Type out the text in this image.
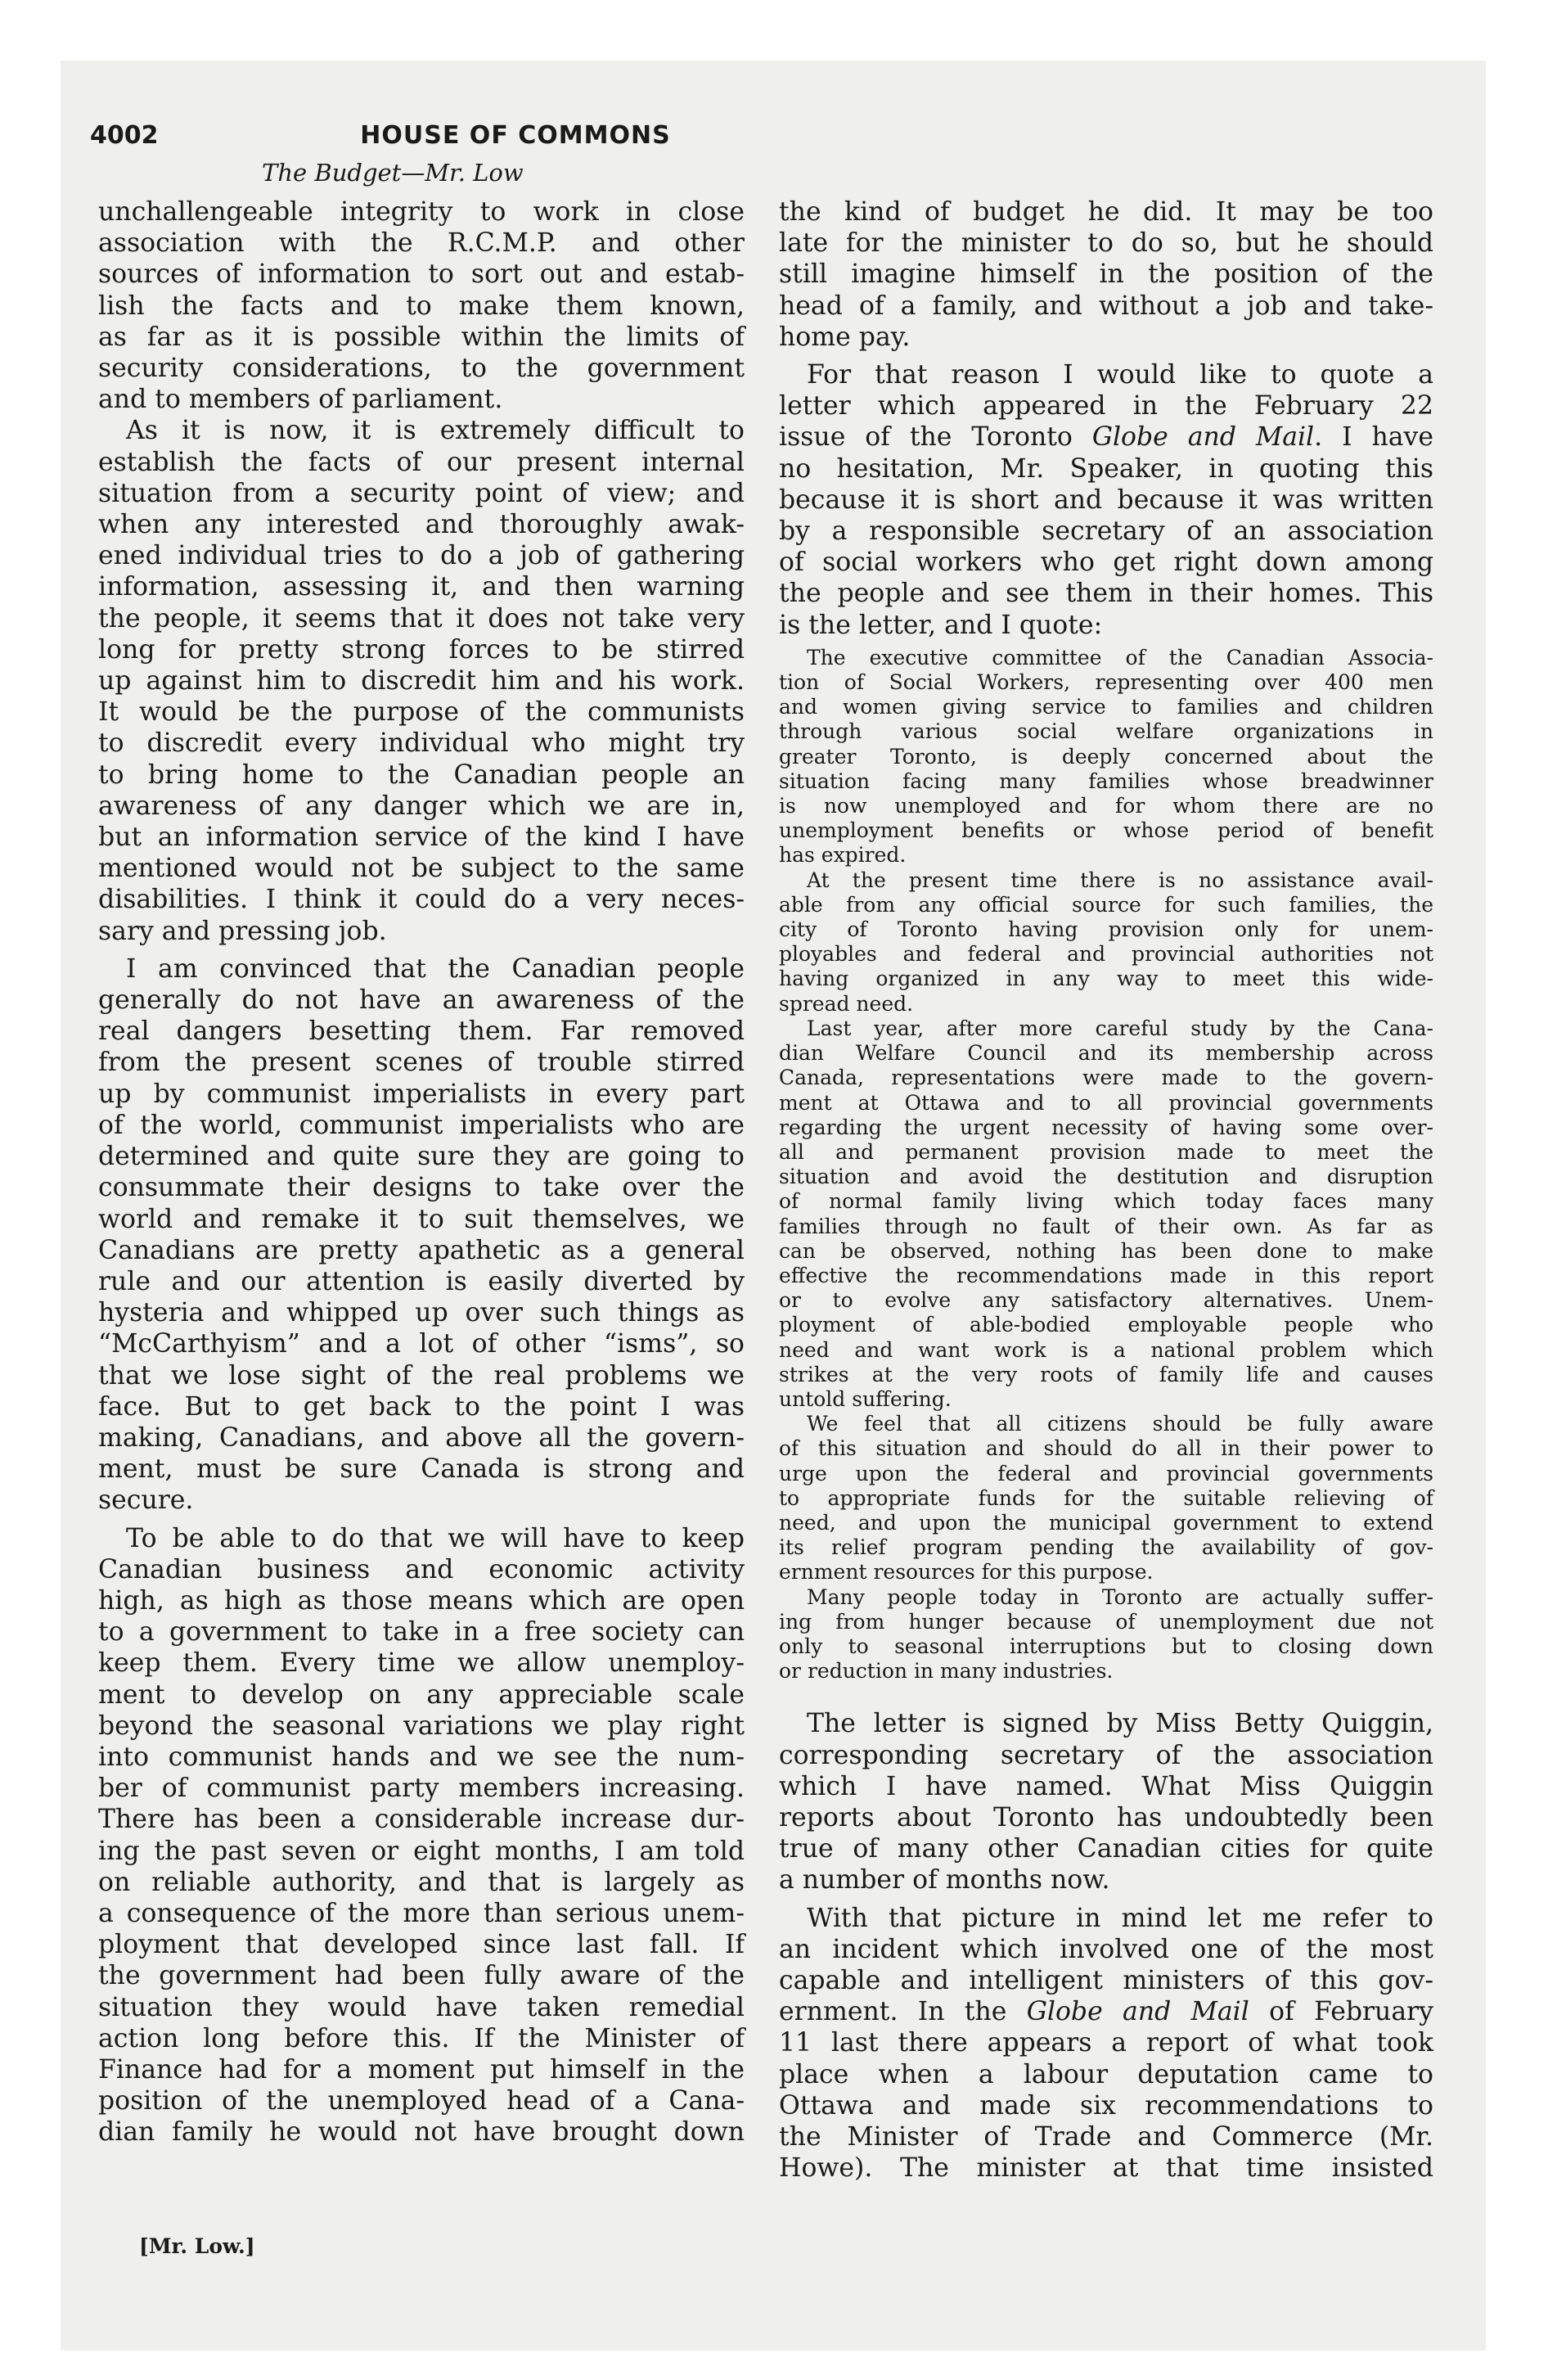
4002	HOUSE OF COMMONS
The Budget—Mr. Low
unchallengeable integrity to work in close
association with the R.C.M.P. and other
sources of information to sort out and estab-
lish the facts and to make them known,
as far as it is possible within the limits of
security considerations, to the government
and to members of parliament.
As it is now, it is extremely difficult to
establish the facts of our present internal
situation from a security point of view; and
when any interested and thoroughly awak-
ened individual tries to do a job of gathering
information, assessing it, and then warning
the people, it seems that it does not take very
long for pretty strong forces to be stirred
up against him to discredit him and his work.
It would be the purpose of the communists
to discredit every individual who might try
to bring home to the Canadian people an
awareness of any danger which we are in,
but an information service of the kind I have
mentioned would not be subject to the same
disabilities. I think it could do a very neces-
sary and pressing job.
I am convinced that the Canadian people
generally do not have an awareness of the
real dangers besetting them. Far removed
from the present scenes of trouble stirred
up by communist imperialists in every part
of the world, communist imperialists who are
determined and quite sure they are going to
consummate their designs to take over the
world and remake it to suit themselves, we
Canadians are pretty apathetic as a general
rule and our attention is easily diverted by
hysteria and whipped up over such things as
“McCarthyism” and a lot of other “isms”, so
that we lose sight of the real problems we
face. But to get back to the point I was
making, Canadians, and above all the govern-
ment, must be sure Canada is strong and
secure.
To be able to do that we will have to keep
Canadian business and economic activity
high, as high as those means which are open
to a government to take in a free society can
keep them. Every time we allow unemploy-
ment to develop on any appreciable scale
beyond the seasonal variations we play right
into communist hands and we see the num-
ber of communist party members increasing.
There has been a considerable increase dur-
ing the past seven or eight months, I am told
on reliable authority, and that is largely as
a consequence of the more than serious unem-
ployment that developed since last fall. If
the government had been fully aware of the
situation they would have taken remedial
action long before this. If the Minister of
Finance had for a moment put himself in the
position of the unemployed head of a Cana-
dian family he would not have brought down
the kind of budget he did. It may be too
late for the minister to do so, but he should
still imagine himself in the position of the
head of a family, and without a job and take-
home pay.
For that reason I would like to quote a
letter which appeared in the February 22
issue of the Toronto Globe and Mail. I have
no hesitation, Mr. Speaker, in quoting this
because it is short and because it was written
by a responsible secretary of an association
of social workers who get right down among
the people and see them in their homes. This
is the letter, and I quote:
The executive committee of the Canadian Associa-
tion of Social Workers, representing over 400 men
and women giving service to families and children
through various social welfare organizations in
greater Toronto, is deeply concerned about the
situation facing many families whose breadwinner
is now unemployed and for whom there are no
unemployment benefits or whose period of benefit
has expired.
At the present time there is no assistance avail-
able from any official source for such families, the
city of Toronto having provision only for unem-
ployables and federal and provincial authorities not
having organized in any way to meet this wide-
spread need.
Last year, after more careful study by the Cana-
dian Welfare Council and its membership across
Canada, representations were made to the govern-
ment at Ottawa and to all provincial governments
regarding the urgent necessity of having some over-
all and permanent provision made to meet the
situation and avoid the destitution and disruption
of normal family living which today faces many
families through no fault of their own. As far as
can be observed, nothing has been done to make
effective the recommendations made in this report
or to evolve any satisfactory alternatives. Unem-
ployment of able-bodied employable people who
need and want work is a national problem which
strikes at the very roots of family life and causes
untold suffering.
We feel that all citizens should be fully aware
of this situation and should do all in their power to
urge upon the federal and provincial governments
to appropriate funds for the suitable relieving of
need, and upon the municipal government to extend
its relief program pending the availability of gov-
ernment resources for this purpose.
Many people today in Toronto are actually suffer-
ing from hunger because of unemployment due not
only to seasonal interruptions but to closing down
or reduction in many industries.
The letter is signed by Miss Betty Quiggin,
corresponding secretary of the association
which I have named. What Miss Quiggin
reports about Toronto has undoubtedly been
true of many other Canadian cities for quite
a number of months now.
With that picture in mind let me refer to
an incident which involved one of the most
capable and intelligent ministers of this gov-
ernment. In the Globe and Mail of February
11 last there appears a report of what took
place when a labour deputation came to
Ottawa and made six recommendations to
the Minister of Trade and Commerce (Mr.
Howe). The minister at that time insisted
[Mr. Low.]
